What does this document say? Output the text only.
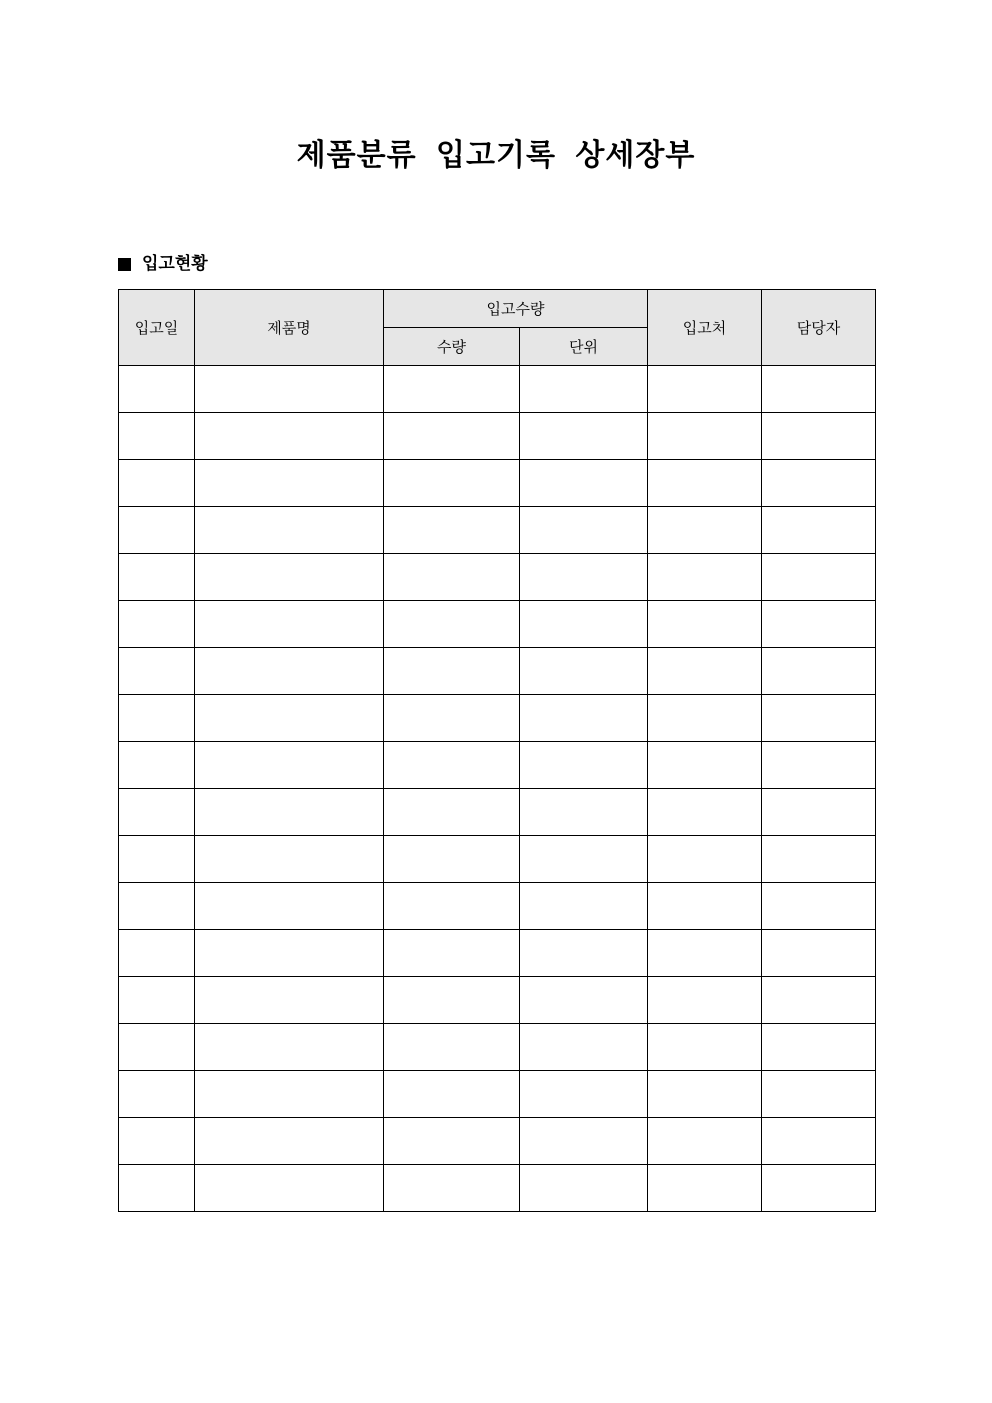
제품분류 입고기록 상세장부
입고현황
입고일	제품명	입고수량		입고처	담당자
		수량	단위		
